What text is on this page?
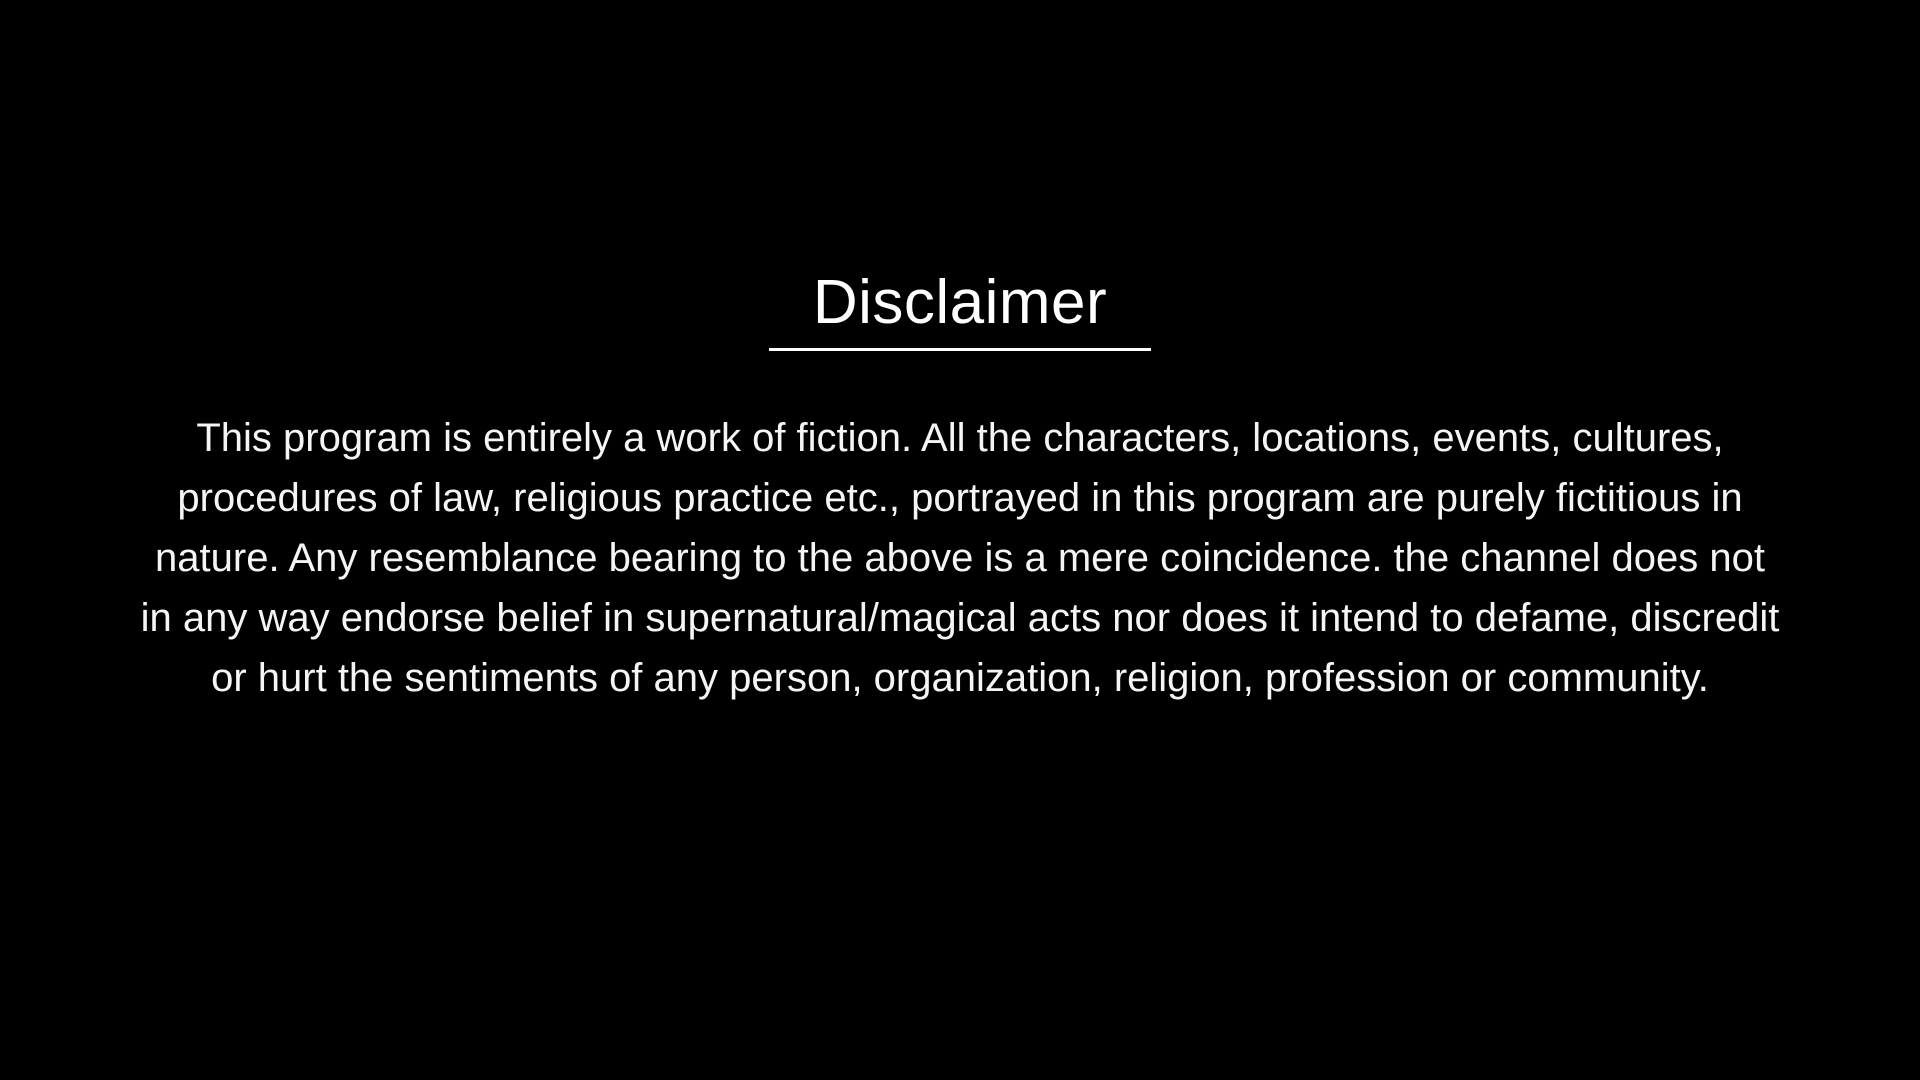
Disclaimer
This program is entirely a work of fiction. All the characters, locations, events, cultures, procedures of law, religious practice etc., portrayed in this program are purely fictitious in nature. Any resemblance bearing to the above is a mere coincidence. the channel does not in any way endorse belief in supernatural/magical acts nor does it intend to defame, discredit or hurt the sentiments of any person, organization, religion, profession or community.
